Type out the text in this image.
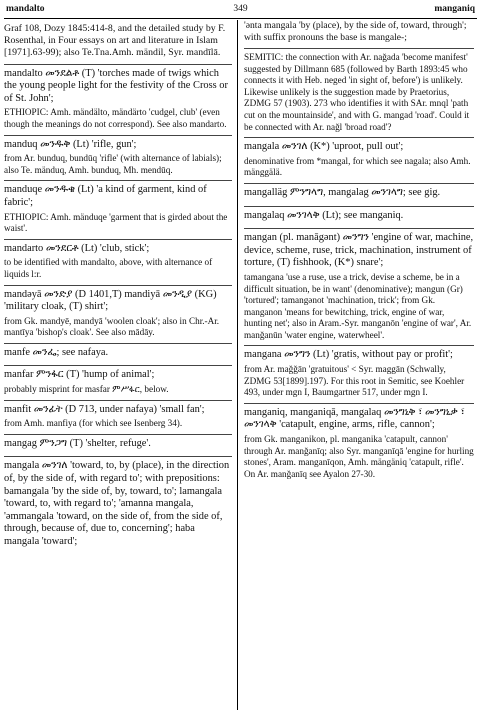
mandalto	349	manganiq

Graf 108, Dozy 1845:414-8, and the detailed study by F. Rosenthal, in Four essays on art and literature in Islam [1971].63-99); also Te.Tna.Amh. mändil, Syr. mandīlā.

mandalto መንደልቶ (T) 'torches made of twigs which the young people light for the festivity of the Cross or of St. John';

ETHIOPIC: Amh. mändälto, mändärto 'cudgel, club' (even though the meanings do not correspond). See also mandarto.

manduq መንዱቅ (Lt) 'rifle, gun';

from Ar. bunduq, bundūq 'rifle' (with alternance of labials); also Te. mänduq, Amh. bunduq, Mh. mendūq.

manduqe መንዱቄ (Lt) 'a kind of garment, kind of fabric';

ETHIOPIC: Amh. mänduqe 'garment that is girded about the waist'.

mandarto መንደርቶ (Lt) 'club, stick';

to be identified with mandalto, above, with alternance of liquids l:r.

mandəyā መንድያ (D 1401,T) mandiyā መንዲያ (KG) 'military cloak, (T) shirt';

from Gk. mandyē, mandyā 'woolen cloak'; also in Chr.-Ar. mantīya 'bishop's cloak'. See also mādāy.

manfe መንፌ; see nafaya.

manfar ምንፋር (T) 'hump of animal';

probably misprint for masfar ምሥፋር, below.

manfit መንፊት (D 713, under nafaya) 'small fan';

from Amh. manfiya (for which see Isenberg 34).

mangag ምንጋግ (T) 'shelter, refuge'.

mangala መንገለ 'toward, to, by (place), in the direction of, by the side of, with regard to'; with prepositions: bamangala 'by the side of, by, toward, to'; lamangala 'toward, to, with regard to'; 'amanna mangala, 'əmmangala 'toward, on the side of, from the side of, through, because of, due to, concerning'; haba mangala 'toward';

'ənta mangala 'by (place), by the side of, toward, through'; with suffix pronouns the base is mangale-;

SEMITIC: the connection with Ar. nağada 'become manifest' suggested by Dillmann 685 (followed by Barth 1893:45 who connects it with Heb. neged 'in sight of, before') is unlikely. Likewise unlikely is the suggestion made by Praetorius, ZDMG 57 (1903). 273 who identifies it with SAr. mnql 'path cut on the mountainside', and with G. mangad 'road'. Could it be connected with Ar. nağl 'broad road'?

mangala መንገለ (K*) 'uproot, pull out';

denominative from *mangal, for which see nagala; also Amh. mänggälä.

mangalläg ምንግላግ, mangalag መንገላግ; see gig.

mangalaq መንገላቅ (Lt); see manganiq.

mangan (pl. manāgənt) መንግን 'engine of war, machine, device, scheme, ruse, trick, machination, instrument of torture, (T) fishhook, (K*) snare';

tamangana 'use a ruse, use a trick, devise a scheme, be in a difficult situation, be in want' (denominative); məngun (Gr) 'tortured'; tamangənot 'machination, trick'; from Gk. manganon 'means for bewitching, trick, engine of war, hunting net'; also in Aram.-Syr. manganōn 'engine of war', Ar. manğanūn 'water engine, waterwheel'.

mangana መንግን (Lt) 'gratis, without pay or profit';

from Ar. mağğān 'gratuitous' < Syr. maggān (Schwally, ZDMG 53[1899].197). For this root in Semitic, see Koehler 493, under mgn I, Baumgartner 517, under mgn I.

manganiq, manganiqā, mangalaq መንግኒቅ ፣ መንግኒቃ ፣ መንገላቅ 'catapult, engine, arms, rifle, cannon';

from Gk. manganikon, pl. manganika 'catapult, cannon' through Ar. manğanīq; also Syr. manganīqā 'engine for hurling stones', Aram. manganīqon, Amh. mängäniq 'catapult, rifle'. On Ar. manğanīq see Ayalon 27-30.
